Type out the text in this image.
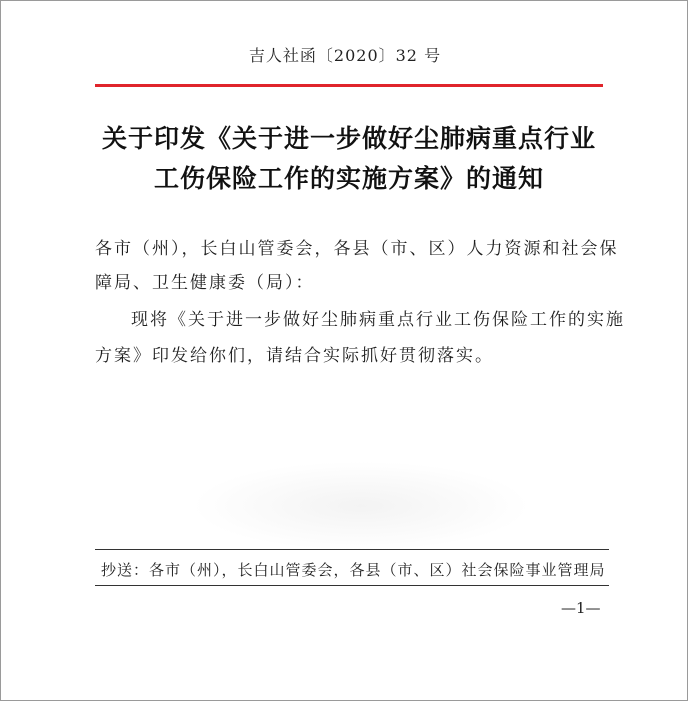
吉人社函〔2020〕32 号
关于印发《关于进一步做好尘肺病重点行业
工伤保险工作的实施方案》的通知
各市（州），长白山管委会，各县（市、区）人力资源和社会保
障局、卫生健康委（局）：
现将《关于进一步做好尘肺病重点行业工伤保险工作的实施
方案》印发给你们，请结合实际抓好贯彻落实。
抄送：各市（州），长白山管委会，各县（市、区）社会保险事业管理局
—1—
